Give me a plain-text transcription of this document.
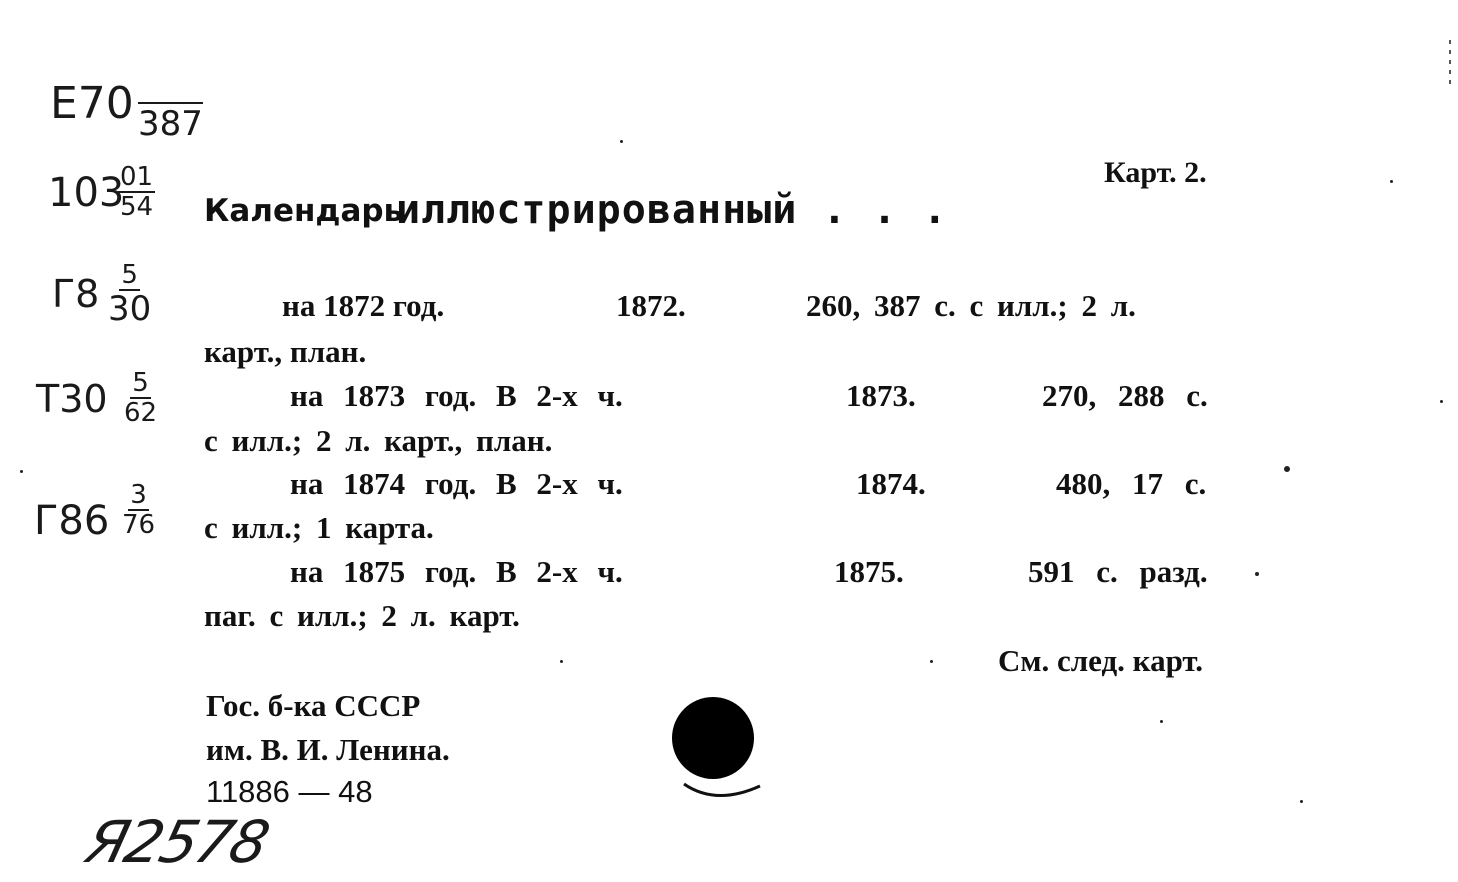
Е70 387
103
$\frac{01}{54}$
Г8 5
30
$Т30 \frac{5}{62}$
$Г86 \frac{3}{76}$
Карт. 2.
Календарь
иллюстрированный . . .
на 1872 год.	1872.	260, 387 с. с илл.; 2 л.
карт., план.
на 1873 год. В 2-х ч.	1873.	270, 288 с.
с илл.; 2 л. карт., план.
на 1874 год. В 2-х ч.	1874.	480, 17 с.
с илл.; 1 карта.
на 1875 год. В 2-х ч.	1875.	591 с. разд.
паг. с илл.; 2 л. карт.
См. след. карт.
Гос. б-ка СССР
им. В. И. Ленина.
11886 — 48
Я2578
